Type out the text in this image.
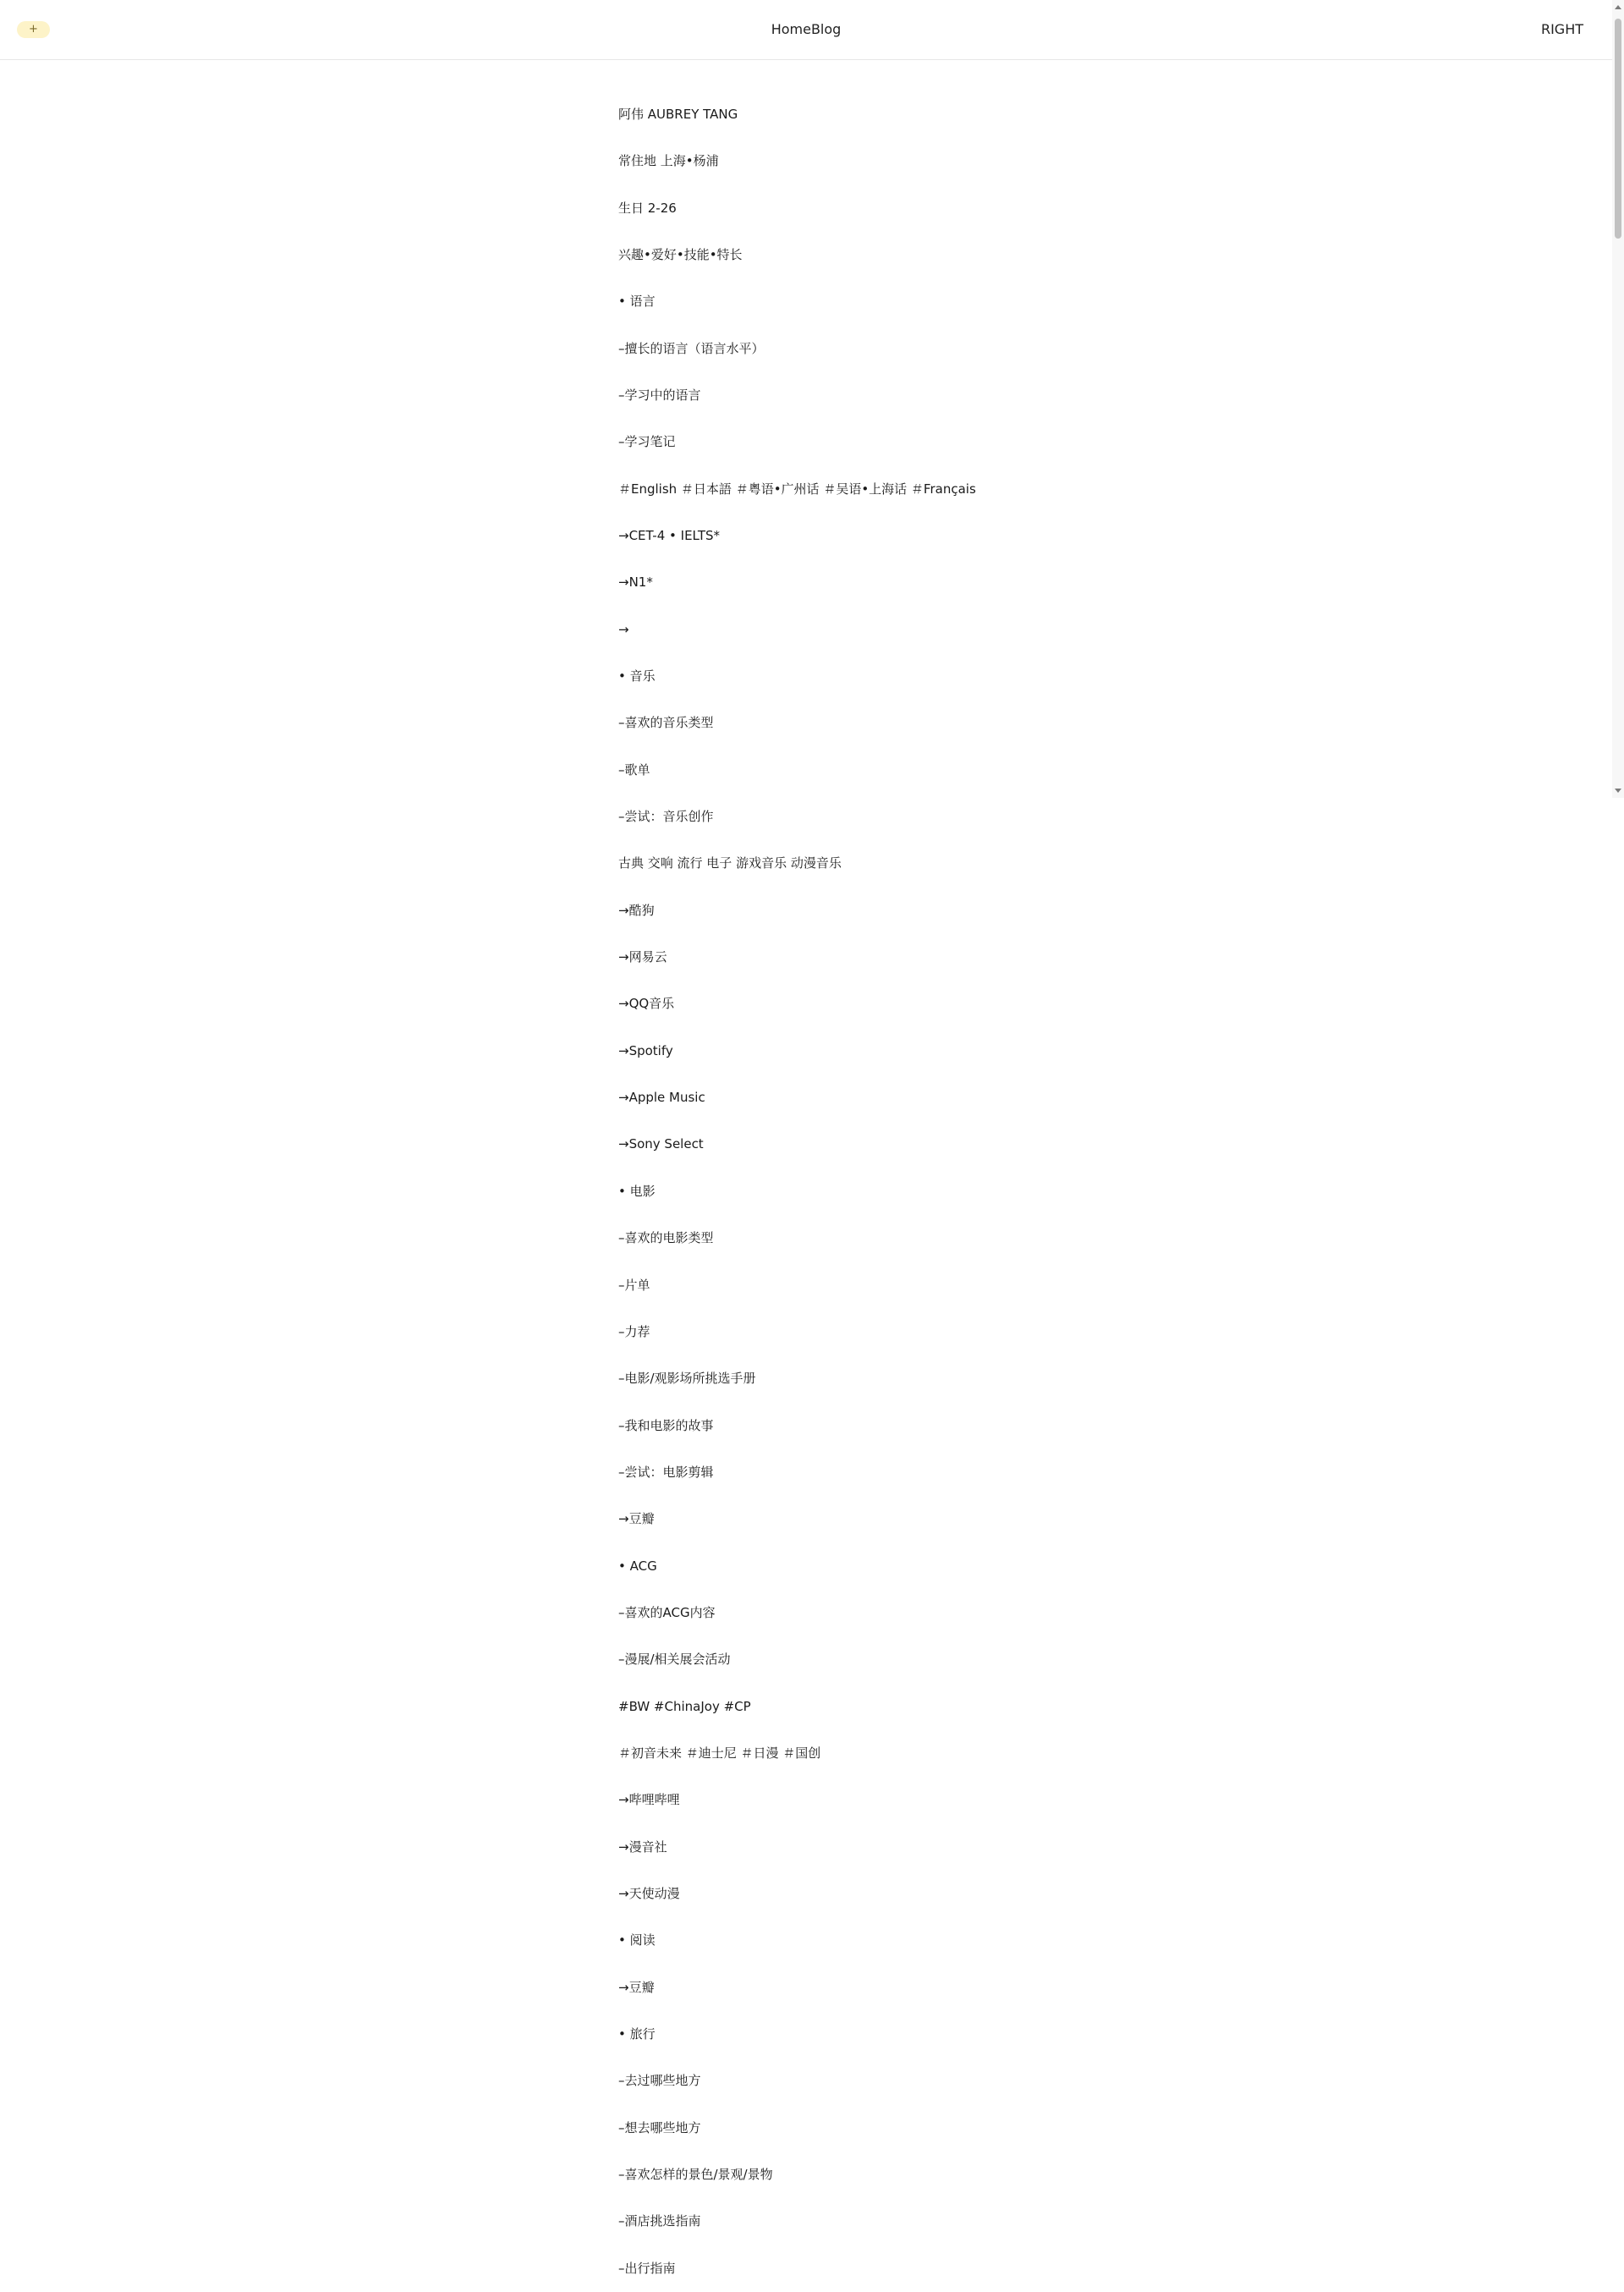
+	HomeBlog	RIGHT

阿伟 AUBREY TANG

常住地 上海•杨浦

生日 2-26

兴趣•爱好•技能•特长

• 语言

–擅长的语言（语言水平）

–学习中的语言

–学习笔记

＃English ＃日本語 ＃粤语•广州话 ＃吴语•上海话 ＃Français

→CET-4 • IELTS*

→N1*

→

• 音乐

–喜欢的音乐类型

–歌单

–尝试：音乐创作

古典 交响 流行 电子 游戏音乐 动漫音乐

→酷狗

→网易云

→QQ音乐

→Spotify

→Apple Music

→Sony Select

• 电影

–喜欢的电影类型

–片单

–力荐

–电影/观影场所挑选手册

–我和电影的故事

–尝试：电影剪辑

→豆瓣

• ACG

–喜欢的ACG内容

–漫展/相关展会活动

#BW #ChinaJoy #CP

＃初音未来 ＃迪士尼 ＃日漫 ＃国创

→哔哩哔哩

→漫音社

→天使动漫

• 阅读

→豆瓣

• 旅行

–去过哪些地方

–想去哪些地方

–喜欢怎样的景色/景观/景物

–酒店挑选指南

–出行指南
